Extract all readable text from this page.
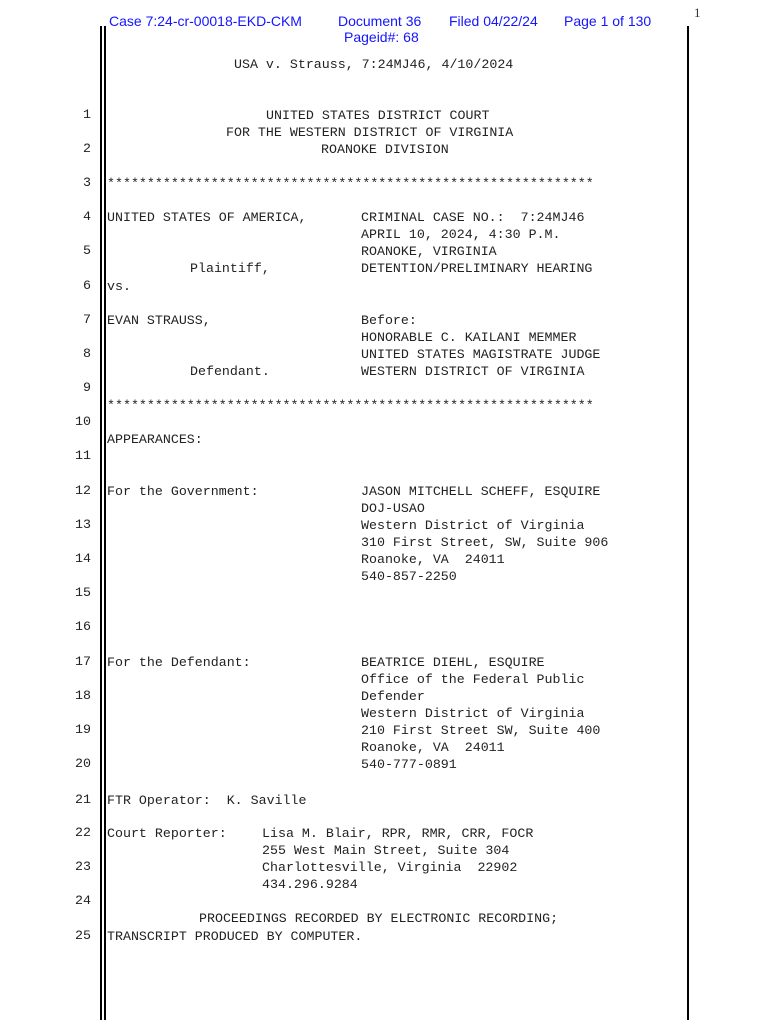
Case 7:24-cr-00018-EKD-CKM	Document 36 Filed 04/22/24 Page 1 of 130
Pageid#: 68
1
USA v. Strauss, 7:24MJ46, 4/10/2024
1
2
3
4
5
6
7
8
9
10
11
12
13
14
15
16
17
18
19
20
21
22
23
24
25
UNITED STATES DISTRICT COURT
FOR THE WESTERN DISTRICT OF VIRGINIA
ROANOKE DIVISION
*************************************************************
UNITED STATES OF AMERICA,	CRIMINAL CASE NO.:  7:24MJ46
APRIL 10, 2024, 4:30 P.M.
ROANOKE, VIRGINIA
Plaintiff,	DETENTION/PRELIMINARY HEARING
vs.
EVAN STRAUSS,	Before:
HONORABLE C. KAILANI MEMMER
UNITED STATES MAGISTRATE JUDGE
Defendant.	WESTERN DISTRICT OF VIRGINIA
*************************************************************
APPEARANCES:
For the Government:	JASON MITCHELL SCHEFF, ESQUIRE
DOJ-USAO
Western District of Virginia
310 First Street, SW, Suite 906
Roanoke, VA  24011
540-857-2250
For the Defendant:	BEATRICE DIEHL, ESQUIRE
Office of the Federal Public
Defender
Western District of Virginia
210 First Street SW, Suite 400
Roanoke, VA  24011
540-777-0891
FTR Operator:  K. Saville
Court Reporter:	Lisa M. Blair, RPR, RMR, CRR, FOCR
255 West Main Street, Suite 304
Charlottesville, Virginia  22902
434.296.9284
PROCEEDINGS RECORDED BY ELECTRONIC RECORDING;
TRANSCRIPT PRODUCED BY COMPUTER.
